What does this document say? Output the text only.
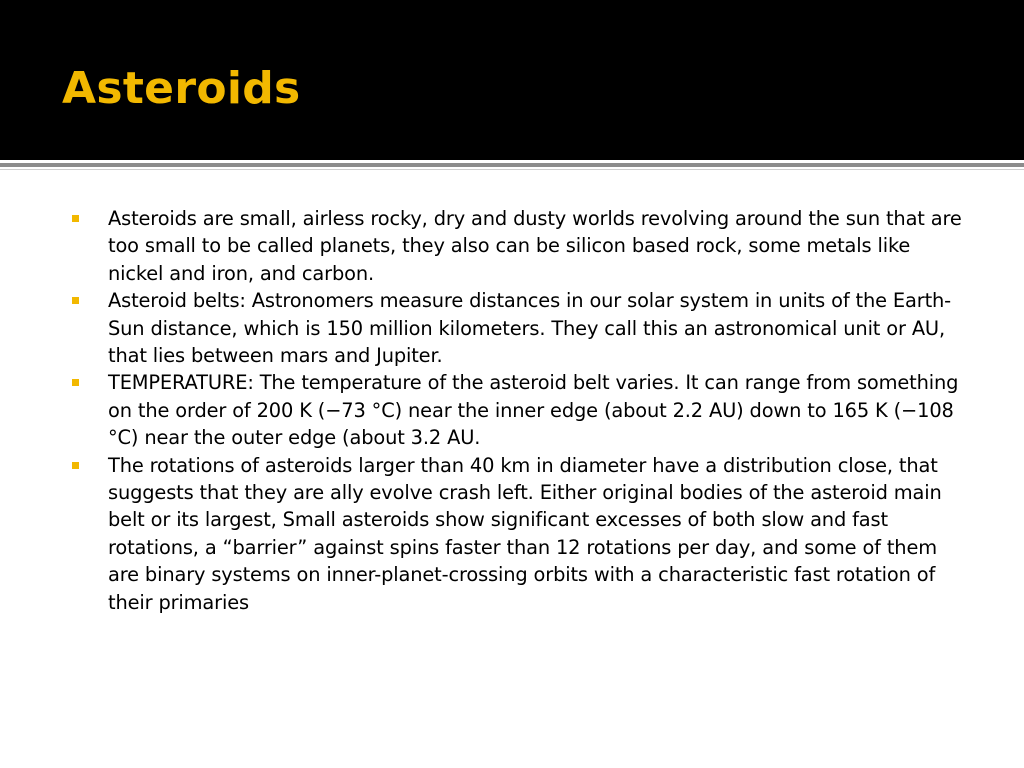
Asteroids
Asteroids are small, airless rocky, dry and dusty worlds revolving around the sun that are  too small to be called planets, they also can be silicon based rock, some metals like nickel and iron, and carbon.
Asteroid belts: Astronomers measure distances in our solar system in units of the Earth-Sun distance, which is 150 million kilometers. They call this an astronomical unit or AU, that lies between mars and Jupiter.
TEMPERATURE: The temperature of the asteroid belt varies. It can range from something on the order of 200 K (−73 °C) near the inner edge (about 2.2 AU) down to 165 K (−108 °C) near the outer edge (about 3.2 AU.
The rotations of asteroids larger than 40 km in diameter have a distribution close, that suggests that they are ally evolve crash left. Either original bodies of the asteroid main belt or its largest, Small asteroids show significant excesses of both slow and fast rotations, a “barrier” against spins faster than 12 rotations per day, and some of them are binary systems on inner-planet-crossing orbits with a characteristic fast rotation of their primaries
